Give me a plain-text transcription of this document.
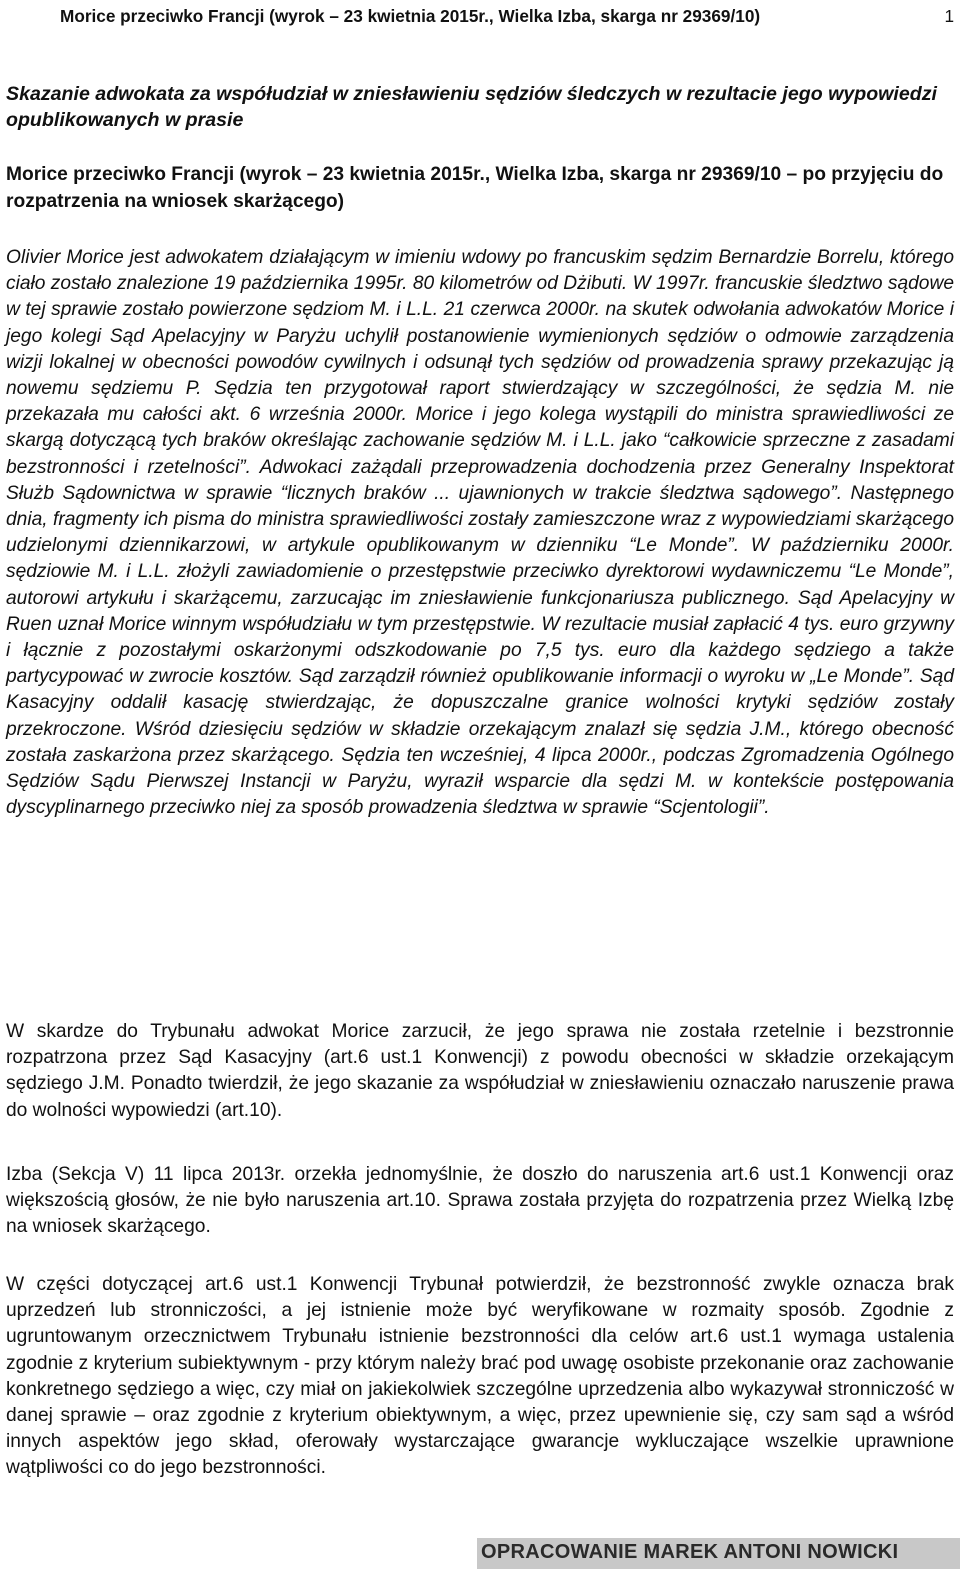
Morice przeciwko Francji (wyrok – 23 kwietnia 2015r., Wielka Izba, skarga nr 29369/10)	1
Skazanie adwokata za współudział w zniesławieniu sędziów śledczych w rezultacie jego wypowiedzi opublikowanych w prasie
Morice przeciwko Francji (wyrok – 23 kwietnia 2015r., Wielka Izba, skarga nr 29369/10 – po przyjęciu do rozpatrzenia na wniosek skarżącego)

Olivier Morice jest adwokatem działającym w imieniu wdowy po francuskim sędzim Bernardzie Borrelu, którego ciało zostało znalezione 19 października 1995r. 80 kilometrów od Dżibuti. W 1997r. francuskie śledztwo sądowe w tej sprawie zostało powierzone sędziom M. i L.L. 21 czerwca 2000r. na skutek odwołania adwokatów Morice i jego kolegi Sąd Apelacyjny w Paryżu uchylił postanowienie wymienionych sędziów o odmowie zarządzenia wizji lokalnej w obecności powodów cywilnych i odsunął tych sędziów od prowadzenia sprawy przekazując ją nowemu sędziemu P. Sędzia ten przygotował raport stwierdzający w szczególności, że sędzia M. nie przekazała mu całości akt. 6 września 2000r. Morice i jego kolega wystąpili do ministra sprawiedliwości ze skargą dotyczącą tych braków określając zachowanie sędziów M. i L.L. jako “całkowicie sprzeczne z zasadami bezstronności i rzetelności”. Adwokaci zażądali przeprowadzenia dochodzenia przez Generalny Inspektorat Służb Sądownictwa w sprawie “licznych braków ... ujawnionych w trakcie śledztwa sądowego”. Następnego dnia, fragmenty ich pisma do ministra sprawiedliwości zostały zamieszczone wraz z wypowiedziami skarżącego udzielonymi dziennikarzowi, w artykule opublikowanym w dzienniku “Le Monde”. W październiku 2000r. sędziowie M. i L.L. złożyli zawiadomienie o przestępstwie przeciwko dyrektorowi wydawniczemu “Le Monde”, autorowi artykułu i skarżącemu, zarzucając im zniesławienie funkcjonariusza publicznego. Sąd Apelacyjny w Ruen uznał Morice winnym współudziału w tym przestępstwie. W rezultacie musiał zapłacić 4 tys. euro grzywny i łącznie z pozostałymi oskarżonymi odszkodowanie po 7,5 tys. euro dla każdego sędziego a także partycypować w zwrocie kosztów. Sąd zarządził również opublikowanie informacji o wyroku w „Le Monde”. Sąd Kasacyjny oddalił kasację stwierdzając, że dopuszczalne granice wolności krytyki sędziów zostały przekroczone. Wśród dziesięciu sędziów w składzie orzekającym znalazł się sędzia J.M., którego obecność została zaskarżona przez skarżącego. Sędzia ten wcześniej, 4 lipca 2000r., podczas Zgromadzenia Ogólnego Sędziów Sądu Pierwszej Instancji w Paryżu, wyraził wsparcie dla sędzi M. w kontekście postępowania dyscyplinarnego przeciwko niej za sposób prowadzenia śledztwa w sprawie “Scjentologii”.

W skardze do Trybunału adwokat Morice zarzucił, że jego sprawa nie została rzetelnie i bezstronnie rozpatrzona przez Sąd Kasacyjny (art.6 ust.1 Konwencji) z powodu obecności w składzie orzekającym sędziego J.M. Ponadto twierdził, że jego skazanie za współudział w zniesławieniu oznaczało naruszenie prawa do wolności wypowiedzi (art.10).

Izba (Sekcja V) 11 lipca 2013r. orzekła jednomyślnie, że doszło do naruszenia art.6 ust.1 Konwencji oraz większością głosów, że nie było naruszenia art.10. Sprawa została przyjęta do rozpatrzenia przez Wielką Izbę na wniosek skarżącego.

W części dotyczącej art.6 ust.1 Konwencji Trybunał potwierdził, że bezstronność zwykle oznacza brak uprzedzeń lub stronniczości, a jej istnienie może być weryfikowane w rozmaity sposób. Zgodnie z ugruntowanym orzecznictwem Trybunału istnienie bezstronności dla celów art.6 ust.1 wymaga ustalenia zgodnie z kryterium subiektywnym - przy którym należy brać pod uwagę osobiste przekonanie oraz zachowanie konkretnego sędziego a więc, czy miał on jakiekolwiek szczególne uprzedzenia albo wykazywał stronniczość w danej sprawie – oraz zgodnie z kryterium obiektywnym, a więc, przez upewnienie się, czy sam sąd a wśród innych aspektów jego skład, oferowały wystarczające gwarancje wykluczające wszelkie uprawnione wątpliwości co do jego bezstronności.

OPRACOWANIE MAREK ANTONI NOWICKI
